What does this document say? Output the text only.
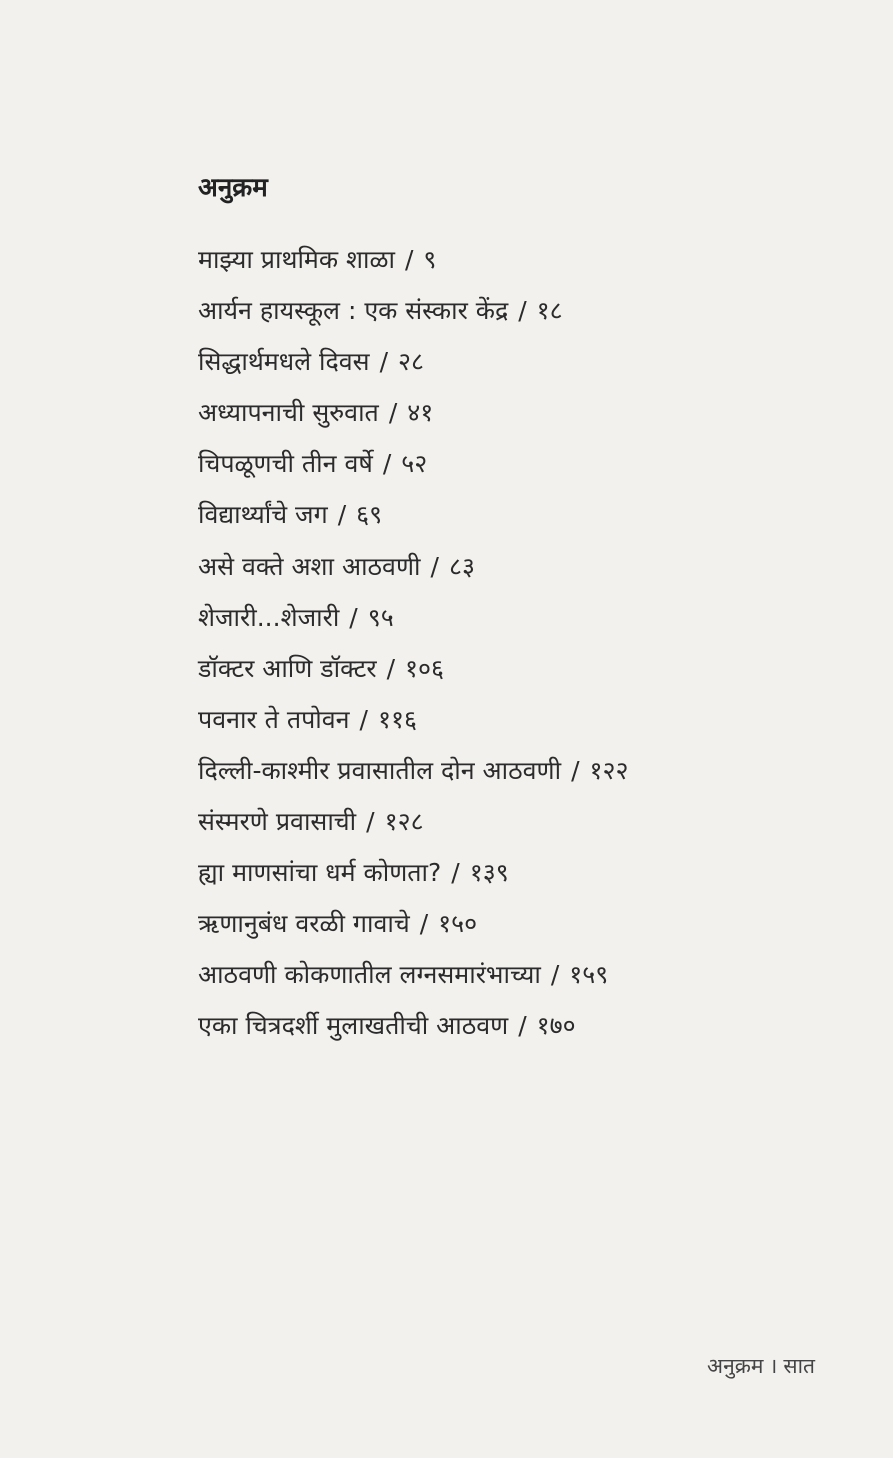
अनुक्रम
माझ्या प्राथमिक शाळा / ९
आर्यन हायस्कूल : एक संस्कार केंद्र / १८
सिद्धार्थमधले दिवस / २८
अध्यापनाची सुरुवात / ४१
चिपळूणची तीन वर्षे / ५२
विद्यार्थ्यांचे जग / ६९
असे वक्ते अशा आठवणी / ८३
शेजारी...शेजारी / ९५
डॉक्टर आणि डॉक्टर / १०६
पवनार ते तपोवन / ११६
दिल्ली-काश्मीर प्रवासातील दोन आठवणी / १२२
संस्मरणे प्रवासाची / १२८
ह्या माणसांचा धर्म कोणता? / १३९
ऋणानुबंध वरळी गावाचे / १५०
आठवणी कोकणातील लग्नसमारंभाच्या / १५९
एका चित्रदर्शी मुलाखतीची आठवण / १७०
अनुक्रम । सात
